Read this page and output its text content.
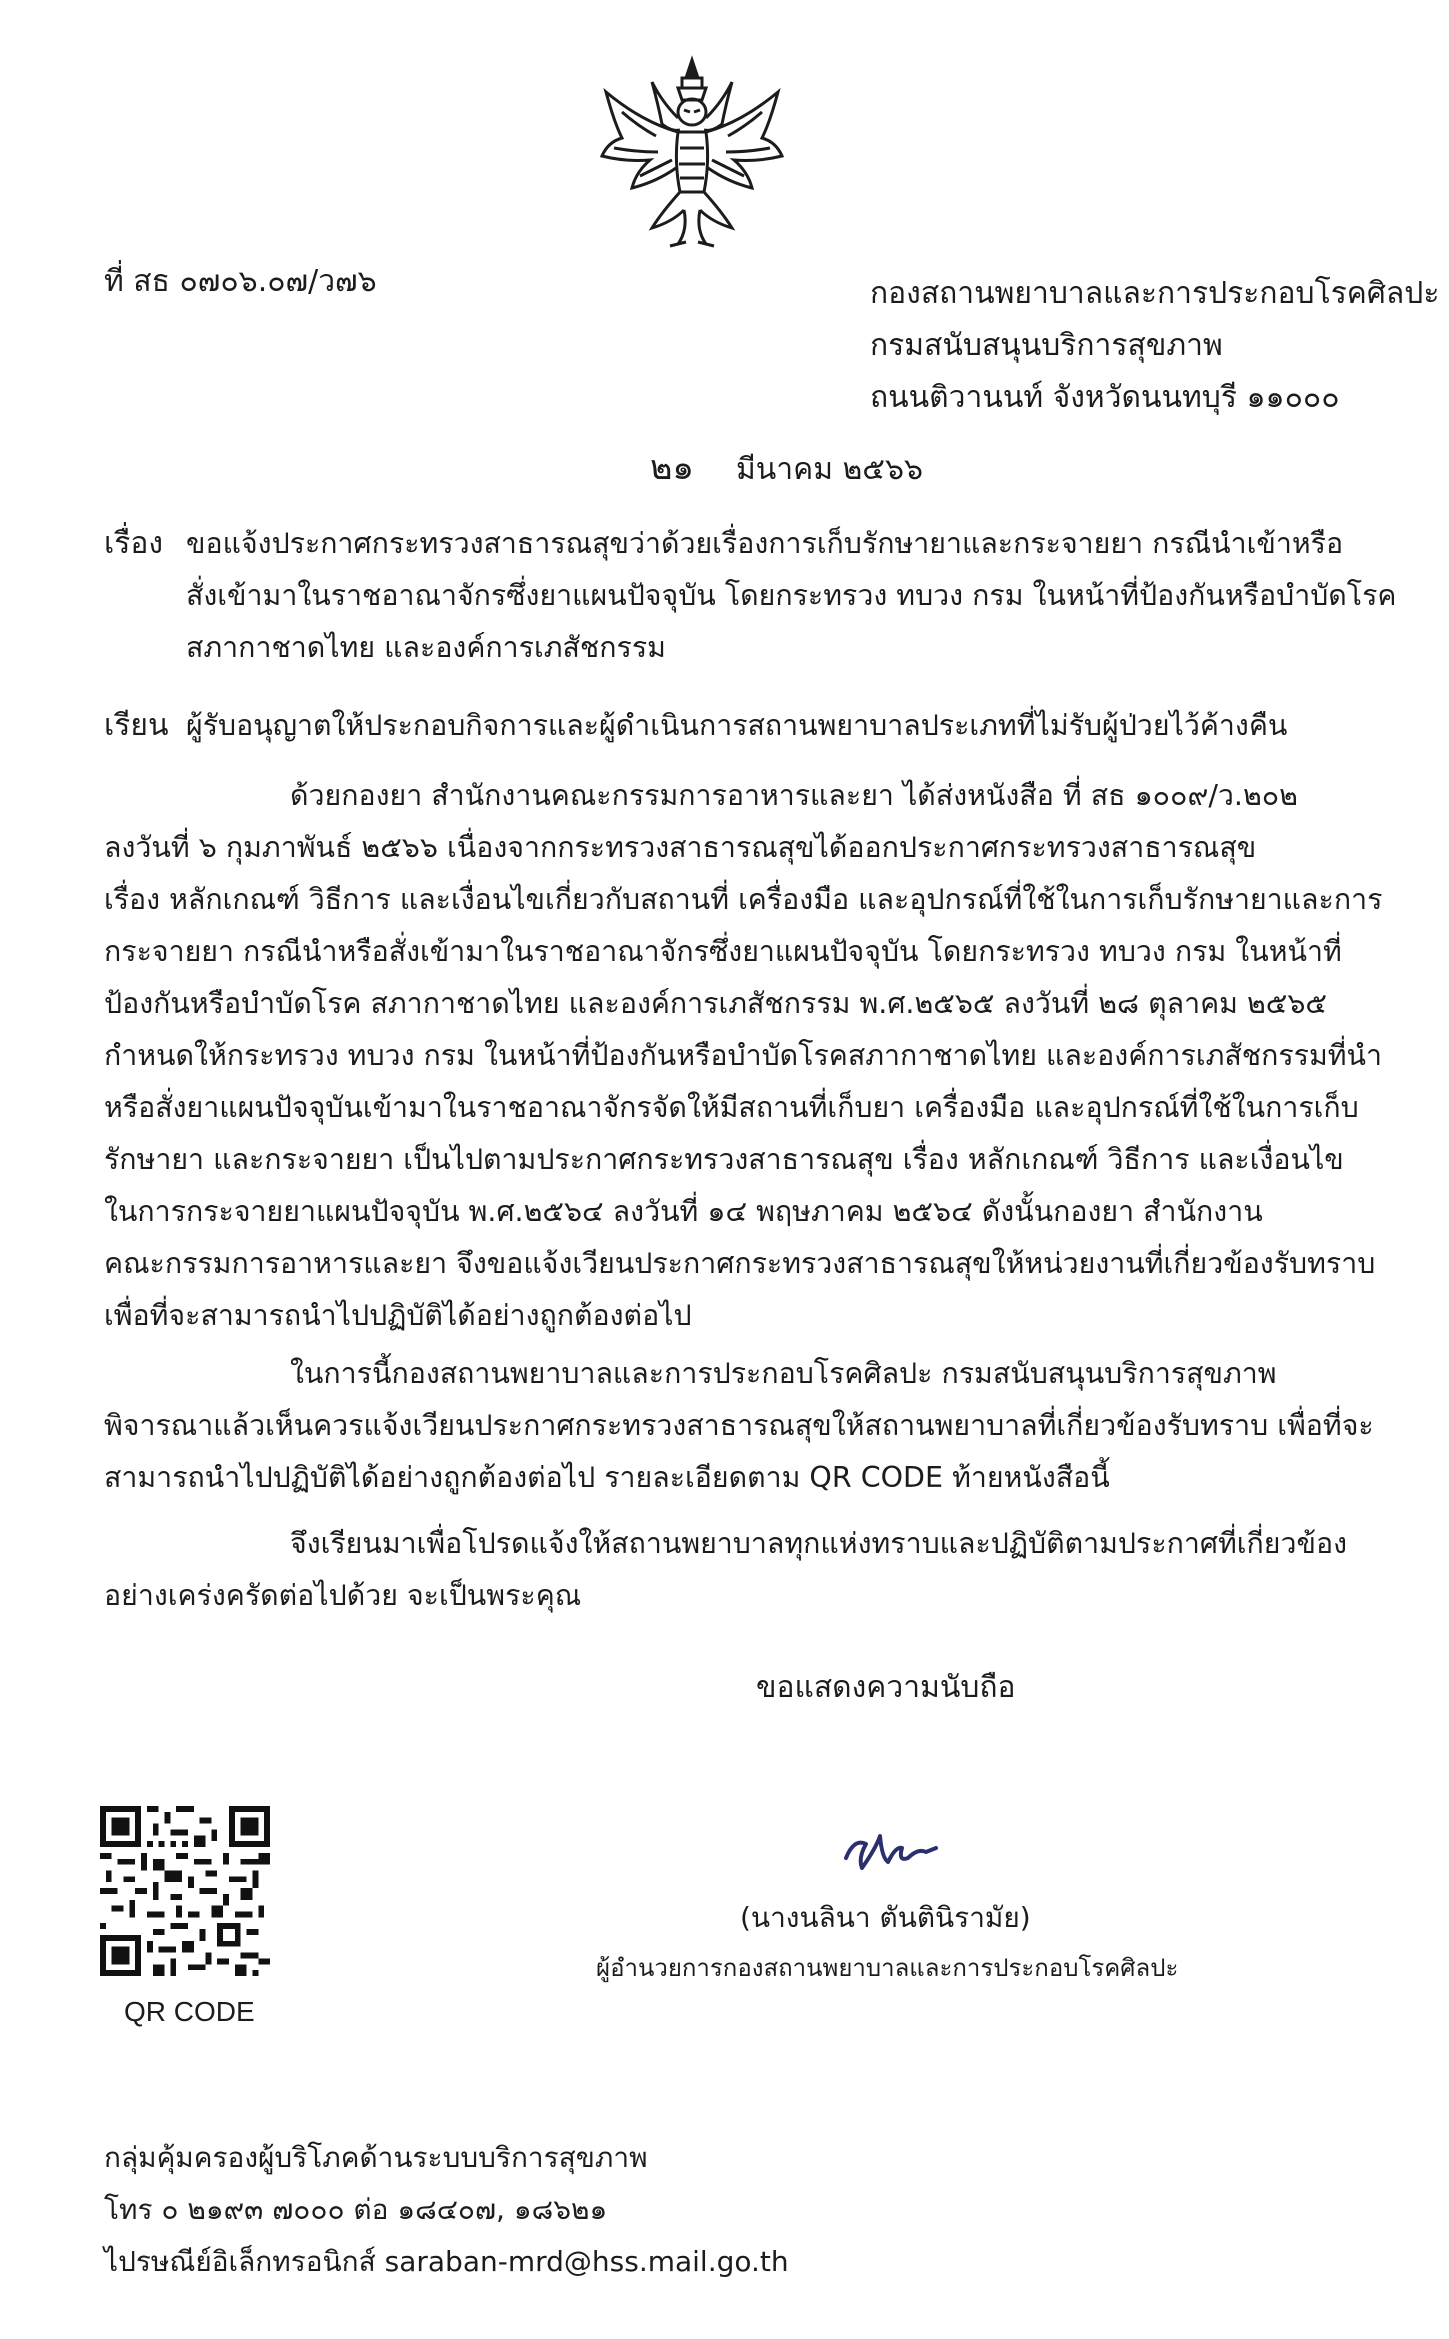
ที่ สธ ๐๗๐๖.๐๗/ว๗๖	กองสถานพยาบาลและการประกอบโรคศิลปะ
กรมสนับสนุนบริการสุขภาพ
ถนนติวานนท์ จังหวัดนนทบุรี ๑๑๐๐๐
๒๑ มีนาคม ๒๕๖๖
เรื่อง ขอแจ้งประกาศกระทรวงสาธารณสุขว่าด้วยเรื่องการเก็บรักษายาและกระจายยา กรณีนำเข้าหรือ
สั่งเข้ามาในราชอาณาจักรซึ่งยาแผนปัจจุบัน โดยกระทรวง ทบวง กรม ในหน้าที่ป้องกันหรือบำบัดโรค
สภากาชาดไทย และองค์การเภสัชกรรม
เรียน ผู้รับอนุญาตให้ประกอบกิจการและผู้ดำเนินการสถานพยาบาลประเภทที่ไม่รับผู้ป่วยไว้ค้างคืน
ด้วยกองยา สำนักงานคณะกรรมการอาหารและยา ได้ส่งหนังสือ ที่ สธ ๑๐๐๙/ว.๒๐๒
ลงวันที่ ๖ กุมภาพันธ์ ๒๕๖๖ เนื่องจากกระทรวงสาธารณสุขได้ออกประกาศกระทรวงสาธารณสุข
เรื่อง หลักเกณฑ์ วิธีการ และเงื่อนไขเกี่ยวกับสถานที่ เครื่องมือ และอุปกรณ์ที่ใช้ในการเก็บรักษายาและการ
กระจายยา กรณีนำหรือสั่งเข้ามาในราชอาณาจักรซึ่งยาแผนปัจจุบัน โดยกระทรวง ทบวง กรม ในหน้าที่
ป้องกันหรือบำบัดโรค สภากาชาดไทย และองค์การเภสัชกรรม พ.ศ.๒๕๖๕ ลงวันที่ ๒๘ ตุลาคม ๒๕๖๕
กำหนดให้กระทรวง ทบวง กรม ในหน้าที่ป้องกันหรือบำบัดโรคสภากาชาดไทย และองค์การเภสัชกรรมที่นำ
หรือสั่งยาแผนปัจจุบันเข้ามาในราชอาณาจักรจัดให้มีสถานที่เก็บยา เครื่องมือ และอุปกรณ์ที่ใช้ในการเก็บ
รักษายา และกระจายยา เป็นไปตามประกาศกระทรวงสาธารณสุข เรื่อง หลักเกณฑ์ วิธีการ และเงื่อนไข
ในการกระจายยาแผนปัจจุบัน พ.ศ.๒๕๖๔ ลงวันที่ ๑๔ พฤษภาคม ๒๕๖๔ ดังนั้นกองยา สำนักงาน
คณะกรรมการอาหารและยา จึงขอแจ้งเวียนประกาศกระทรวงสาธารณสุขให้หน่วยงานที่เกี่ยวข้องรับทราบ
เพื่อที่จะสามารถนำไปปฏิบัติได้อย่างถูกต้องต่อไป
ในการนี้กองสถานพยาบาลและการประกอบโรคศิลปะ กรมสนับสนุนบริการสุขภาพ
พิจารณาแล้วเห็นควรแจ้งเวียนประกาศกระทรวงสาธารณสุขให้สถานพยาบาลที่เกี่ยวข้องรับทราบ เพื่อที่จะ
สามารถนำไปปฏิบัติได้อย่างถูกต้องต่อไป รายละเอียดตาม QR CODE ท้ายหนังสือนี้
จึงเรียนมาเพื่อโปรดแจ้งให้สถานพยาบาลทุกแห่งทราบและปฏิบัติตามประกาศที่เกี่ยวข้อง
อย่างเคร่งครัดต่อไปด้วย จะเป็นพระคุณ
ขอแสดงความนับถือ
(นางนลินา ตันตินิรามัย)
ผู้อำนวยการกองสถานพยาบาลและการประกอบโรคศิลปะ
QR CODE
กลุ่มคุ้มครองผู้บริโภคด้านระบบบริการสุขภาพ
โทร ๐ ๒๑๙๓ ๗๐๐๐ ต่อ ๑๘๔๐๗, ๑๘๖๒๑
ไปรษณีย์อิเล็กทรอนิกส์ saraban-mrd@hss.mail.go.th
